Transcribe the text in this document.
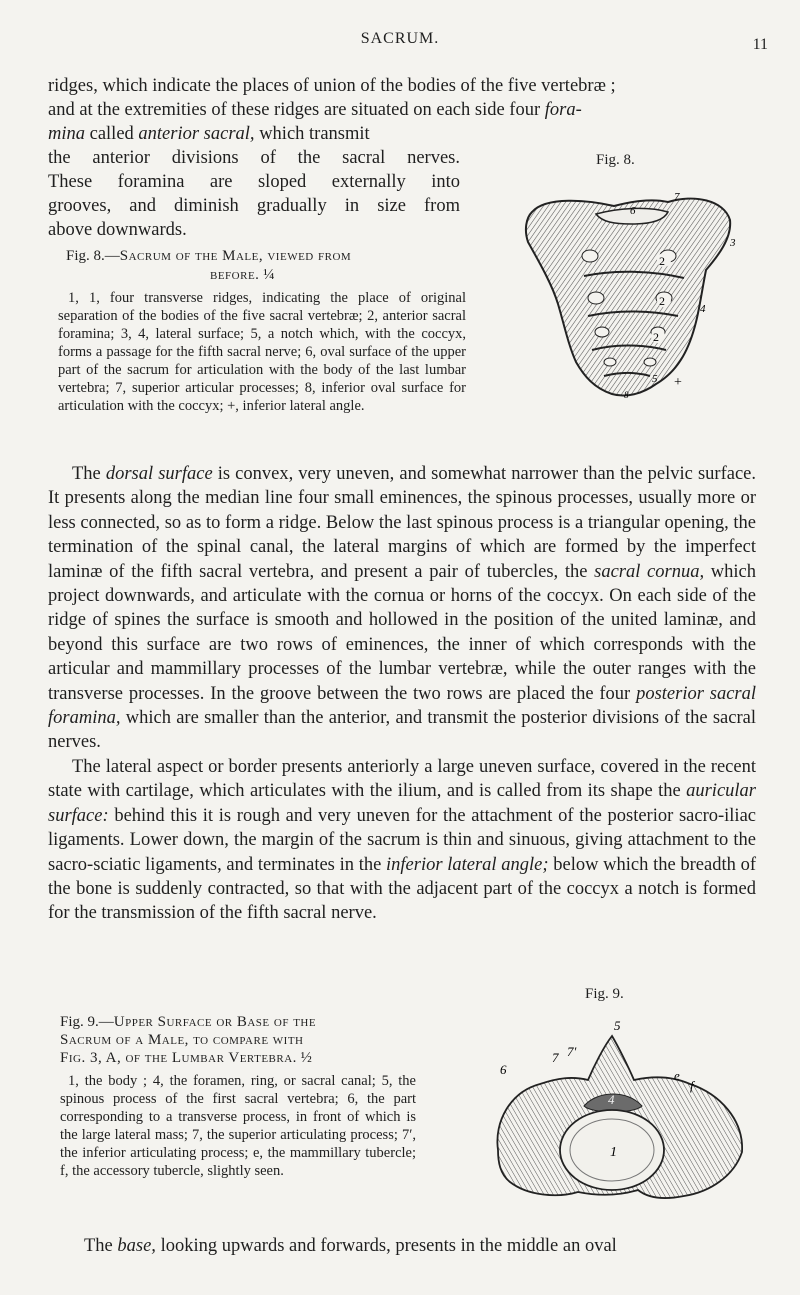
SACRUM.	11

ridges, which indicate the places of union of the bodies of the five vertebræ ;

and at the extremities of these ridges are situated on each side four fora-

mina called anterior sacral, which transmit

the anterior divisions of the sacral nerves.

These foramina are sloped externally into

grooves, and diminish gradually in size from

above downwards.

Fig. 8.
Fig. 8.—Sacrum of the Male, viewed from
before. ¼

1, 1, four transverse ridges, indicating the place of original separation of the bodies of the five sacral vertebræ; 2, anterior sacral foramina; 3, 4, lateral surface; 5, a notch which, with the coccyx, forms a passage for the fifth sacral nerve; 6, oval surface of the upper part of the sacrum for articulation with the body of the last lumbar vertebra; 7, superior articular processes; 8, inferior oval surface for articulation with the coccyx; +, inferior lateral angle.

2
2
2
6
7
3
4
5
8
+

The dorsal surface is convex, very uneven, and somewhat narrower than the pelvic surface. It presents along the median line four small eminences, the spinous processes, usually more or less connected, so as to form a ridge. Below the last spinous process is a triangular opening, the termination of the spinal canal, the lateral margins of which are formed by the imperfect laminæ of the fifth sacral vertebra, and present a pair of tubercles, the sacral cornua, which project downwards, and articulate with the cornua or horns of the coccyx. On each side of the ridge of spines the surface is smooth and hollowed in the position of the united laminæ, and beyond this surface are two rows of eminences, the inner of which corresponds with the articular and mammillary processes of the lumbar vertebræ, while the outer ranges with the transverse processes. In the groove between the two rows are placed the four posterior sacral foramina, which are smaller than the anterior, and transmit the posterior divisions of the sacral nerves.

The lateral aspect or border presents anteriorly a large uneven surface, covered in the recent state with cartilage, which articulates with the ilium, and is called from its shape the auricular surface: behind this it is rough and very uneven for the attachment of the posterior sacro-iliac ligaments. Lower down, the margin of the sacrum is thin and sinuous, giving attachment to the sacro-sciatic ligaments, and terminates in the inferior lateral angle; below which the breadth of the bone is suddenly contracted, so that with the adjacent part of the coccyx a notch is formed for the transmission of the fifth sacral nerve.

Fig. 9.
Fig. 9.—Upper Surface or Base of the
Sacrum of a Male, to compare with
Fig. 3, A, of the Lumbar Vertebra. ½

1, the body ; 4, the foramen, ring, or sacral canal; 5, the spinous process of the first sacral vertebra; 6, the part corresponding to a transverse process, in front of which is the large lateral mass; 7, the superior articulating process; 7′, the inferior articulating process; e, the mammillary tubercle; f, the accessory tubercle, slightly seen.

5
7 7′
6
4
1
e
f
The base, looking upwards and forwards, presents in the middle an oval
